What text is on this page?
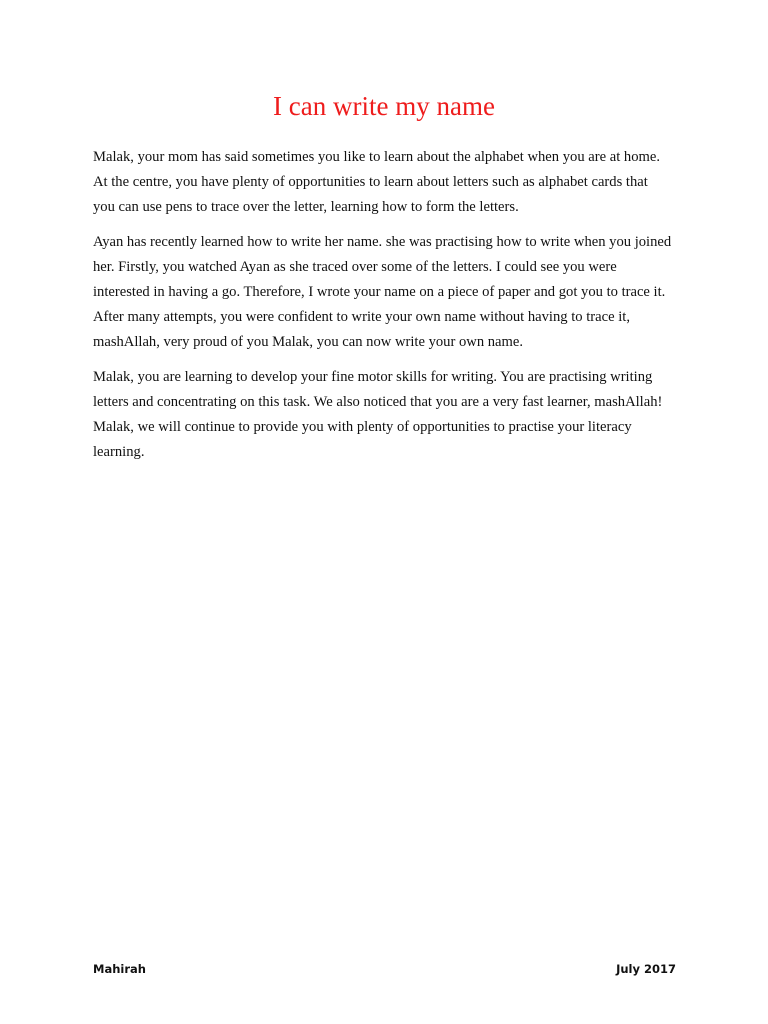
I can write my name

Malak, your mom has said sometimes you like to learn about the alphabet when you are at home. At the centre, you have plenty of opportunities to learn about letters such as alphabet cards that you can use pens to trace over the letter, learning how to form the letters.

Ayan has recently learned how to write her name. she was practising how to write when you joined her. Firstly, you watched Ayan as she traced over some of the letters. I could see you were interested in having a go. Therefore, I wrote your name on a piece of paper and got you to trace it. After many attempts, you were confident to write your own name without having to trace it, mashAllah, very proud of you Malak, you can now write your own name.

Malak, you are learning to develop your fine motor skills for writing. You are practising writing letters and concentrating on this task. We also noticed that you are a very fast learner, mashAllah! Malak, we will continue to provide you with plenty of opportunities to practise your literacy learning.

Mahirah	July 2017
